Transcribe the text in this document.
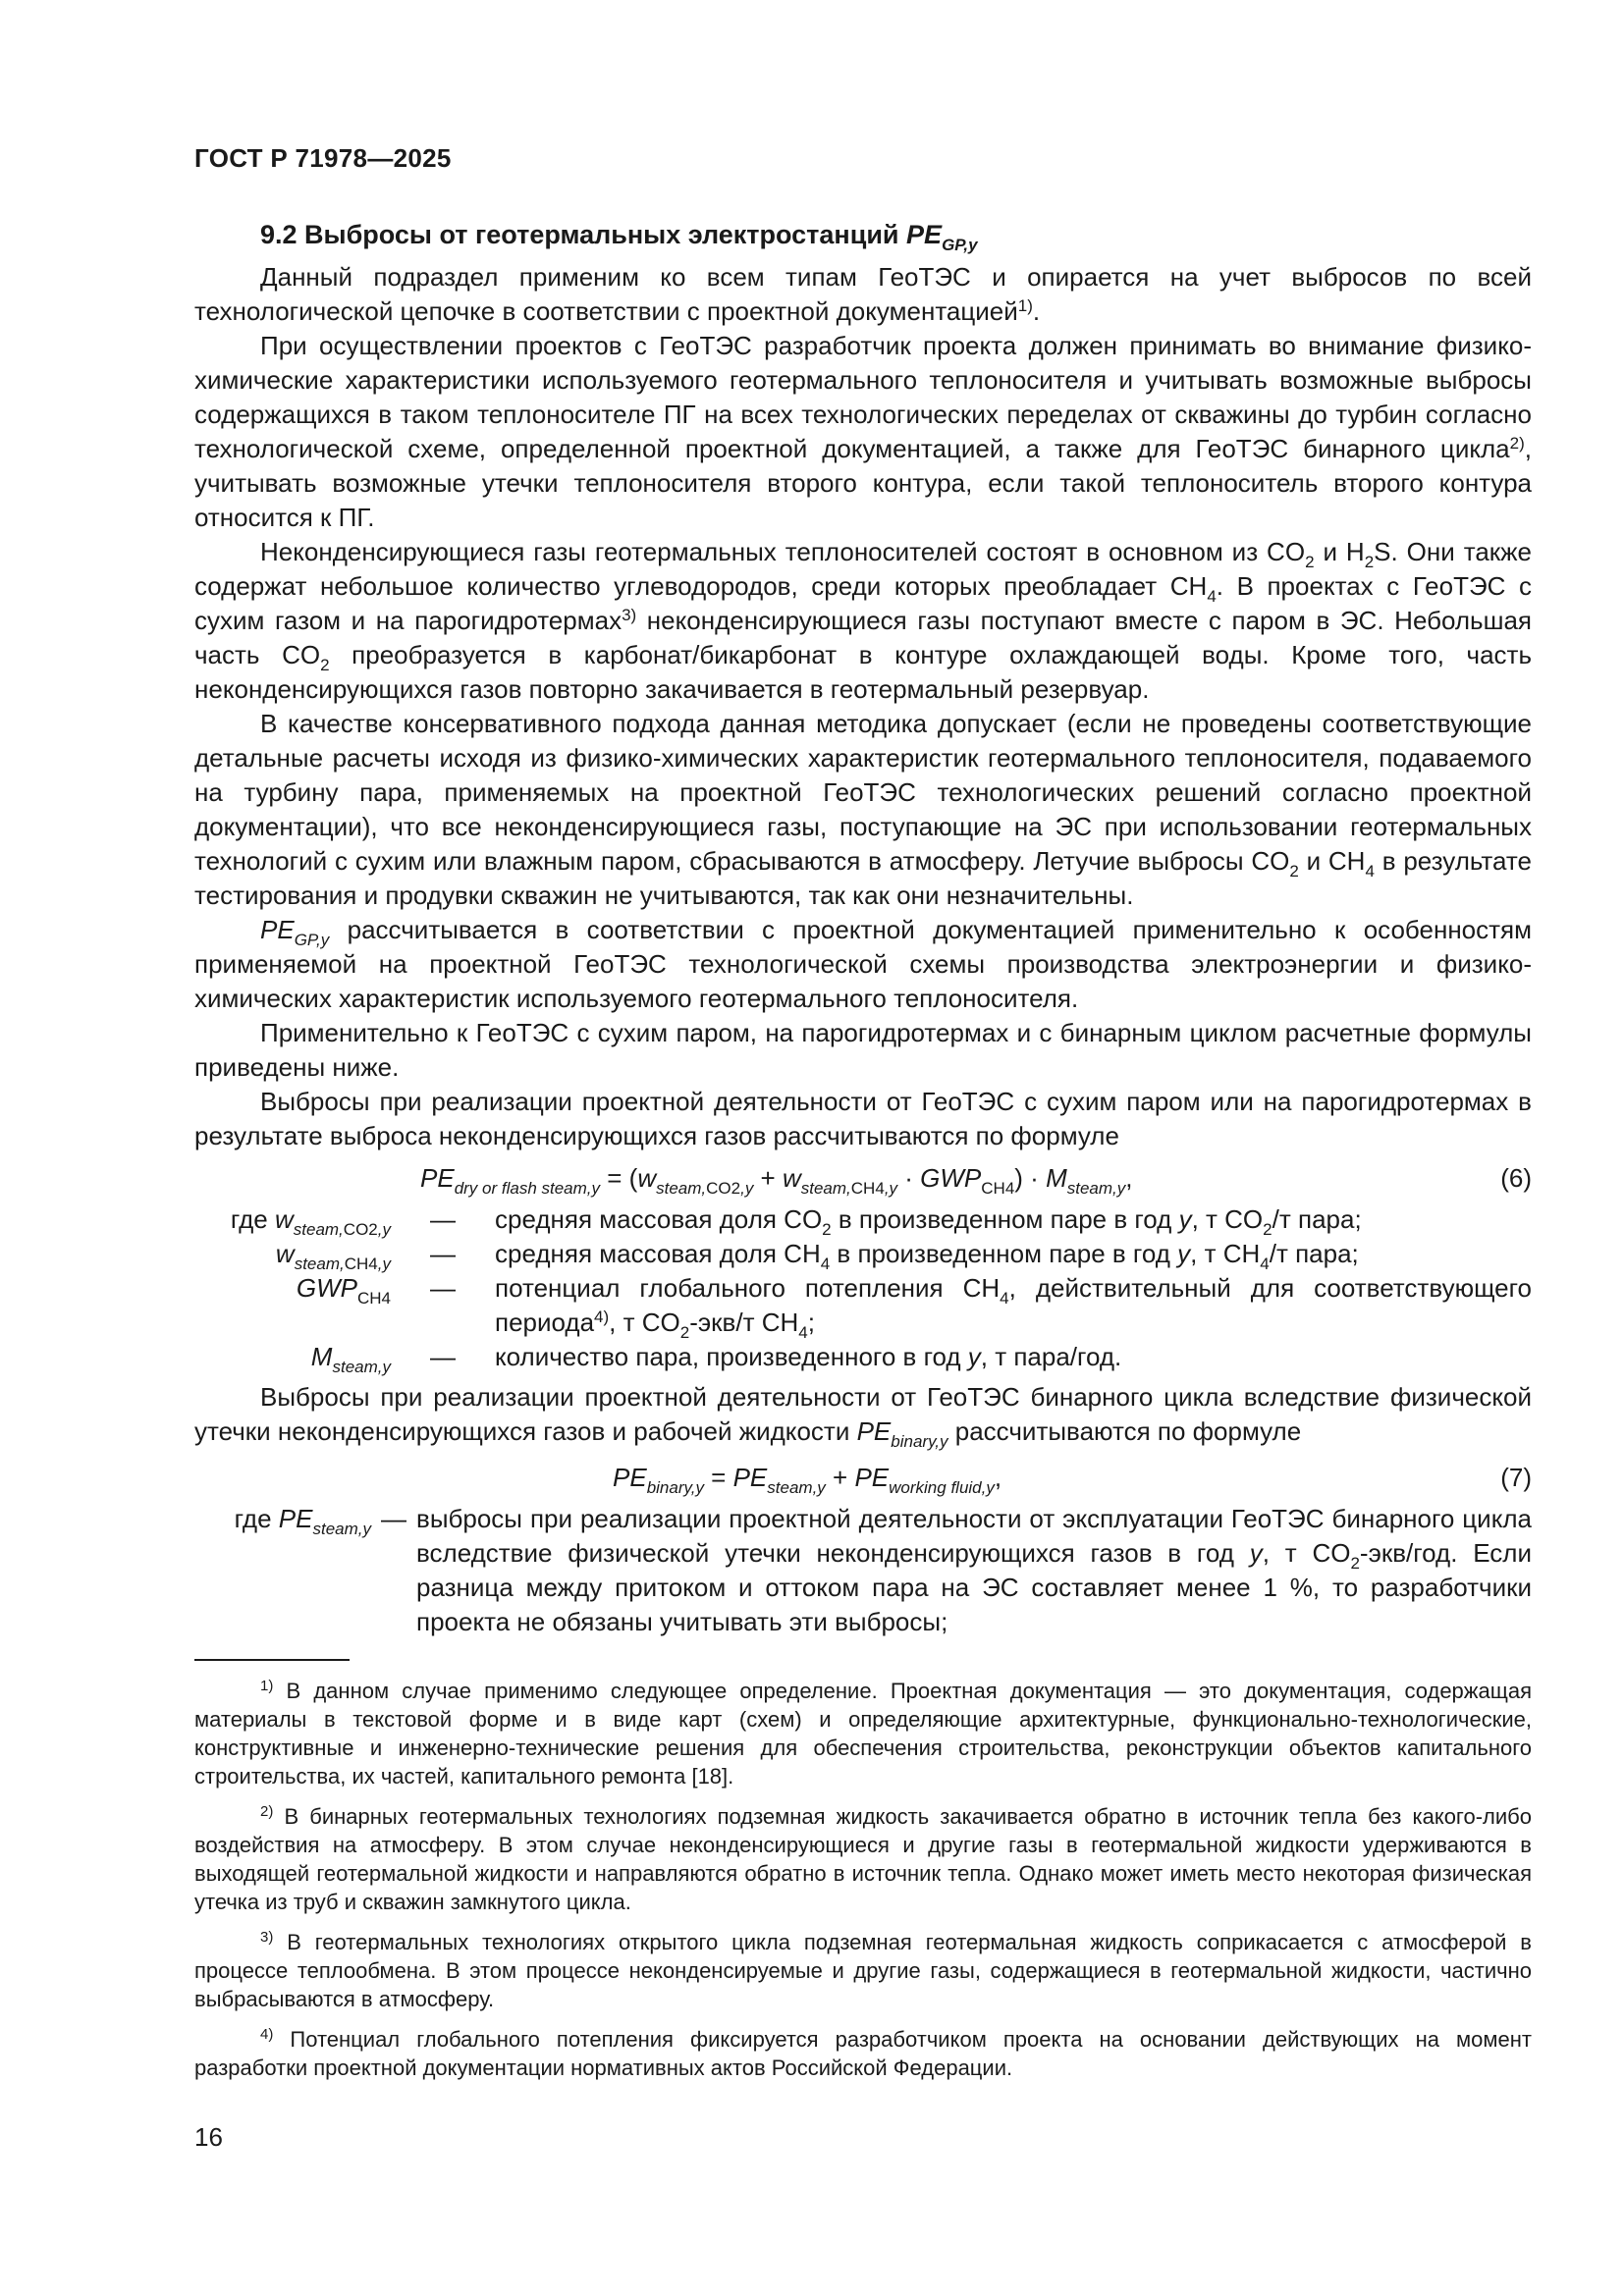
ГОСТ Р 71978—2025
9.2 Выбросы от геотермальных электростанций $PE_{GP,y}$

Данный подраздел применим ко всем типам ГеоТЭС и опирается на учет выбросов по всей технологической цепочке в соответствии с проектной документацией$^{1)}$.

При осуществлении проектов с ГеоТЭС разработчик проекта должен принимать во внимание физико-химические характеристики используемого геотермального теплоносителя и учитывать возможные выбросы содержащихся в таком теплоносителе ПГ на всех технологических переделах от скважины до турбин согласно технологической схеме, определенной проектной документацией, а также для ГеоТЭС бинарного цикла$^{2)}$, учитывать возможные утечки теплоносителя второго контура, если такой теплоноситель второго контура относится к ПГ.

Неконденсирующиеся газы геотермальных теплоносителей состоят в основном из $CO_2$ и $H_2S$. Они также содержат небольшое количество углеводородов, среди которых преобладает $CH_4$. В проектах с ГеоТЭС с сухим газом и на парогидротермах$^{3)}$ неконденсирующиеся газы поступают вместе с паром в ЭС. Небольшая часть $CO_2$ преобразуется в карбонат/бикарбонат в контуре охлаждающей воды. Кроме того, часть неконденсирующихся газов повторно закачивается в геотермальный резервуар.

В качестве консервативного подхода данная методика допускает (если не проведены соответствующие детальные расчеты исходя из физико-химических характеристик геотермального теплоносителя, подаваемого на турбину пара, применяемых на проектной ГеоТЭС технологических решений согласно проектной документации), что все неконденсирующиеся газы, поступающие на ЭС при использовании геотермальных технологий с сухим или влажным паром, сбрасываются в атмосферу. Летучие выбросы $CO_2$ и $CH_4$ в результате тестирования и продувки скважин не учитываются, так как они незначительны.

$PE_{GP,y}$ рассчитывается в соответствии с проектной документацией применительно к особенностям применяемой на проектной ГеоТЭС технологической схемы производства электроэнергии и физико-химических характеристик используемого геотермального теплоносителя.

Применительно к ГеоТЭС с сухим паром, на парогидротермах и с бинарным циклом расчетные формулы приведены ниже.

Выбросы при реализации проектной деятельности от ГеоТЭС с сухим паром или на парогидротермах в результате выброса неконденсирующихся газов рассчитываются по формуле

$PE_{dry or flash steam,y} = (w_{steam,CO2,y} + w_{steam,CH4,y} \cdot GWP_{CH4}) \cdot M_{steam,y}$,	(6)
где $w_{steam,CO2,y}$	—	средняя массовая доля $CO_2$ в произведенном паре в год y, т $CO_2/т$ пара;
$w_{steam,CH4,y}$	—	средняя массовая доля $CH_4$ в произведенном паре в год y, т $CH_4/т$ пара;
$GWP_{CH4}$	—	потенциал глобального потепления $CH_4$, действительный для соответствующего периода$^{4)}$, т $CO_2-экв/т$ $CH_4$;
$M_{steam,y}$	—	количество пара, произведенного в год y, т пара/год.

Выбросы при реализации проектной деятельности от ГеоТЭС бинарного цикла вследствие физической утечки неконденсирующихся газов и рабочей жидкости $PE_{binary,y}$ рассчитываются по формуле

$PE_{binary,y} = PE_{steam,y} + PE_{working fluid,y}$,	(7)
где $PE_{steam,y}$ — выбросы при реализации проектной деятельности от эксплуатации ГеоТЭС бинарного цикла вследствие физической утечки неконденсирующихся газов в год y, т $CO_2-экв$/год. Если разница между притоком и оттоком пара на ЭС составляет менее 1 %, то разработчики проекта не обязаны учитывать эти выбросы;

$^{1)}$ В данном случае применимо следующее определение. Проектная документация — это документация, содержащая материалы в текстовой форме и в виде карт (схем) и определяющие архитектурные, функционально-технологические, конструктивные и инженерно-технические решения для обеспечения строительства, реконструкции объектов капитального строительства, их частей, капитального ремонта [18].

$^{2)}$ В бинарных геотермальных технологиях подземная жидкость закачивается обратно в источник тепла без какого-либо воздействия на атмосферу. В этом случае неконденсирующиеся и другие газы в геотермальной жидкости удерживаются в выходящей геотермальной жидкости и направляются обратно в источник тепла. Однако может иметь место некоторая физическая утечка из труб и скважин замкнутого цикла.

$^{3)}$ В геотермальных технологиях открытого цикла подземная геотермальная жидкость соприкасается с атмосферой в процессе теплообмена. В этом процессе неконденсируемые и другие газы, содержащиеся в геотермальной жидкости, частично выбрасываются в атмосферу.

$^{4)}$ Потенциал глобального потепления фиксируется разработчиком проекта на основании действующих на момент разработки проектной документации нормативных актов Российской Федерации.

16
